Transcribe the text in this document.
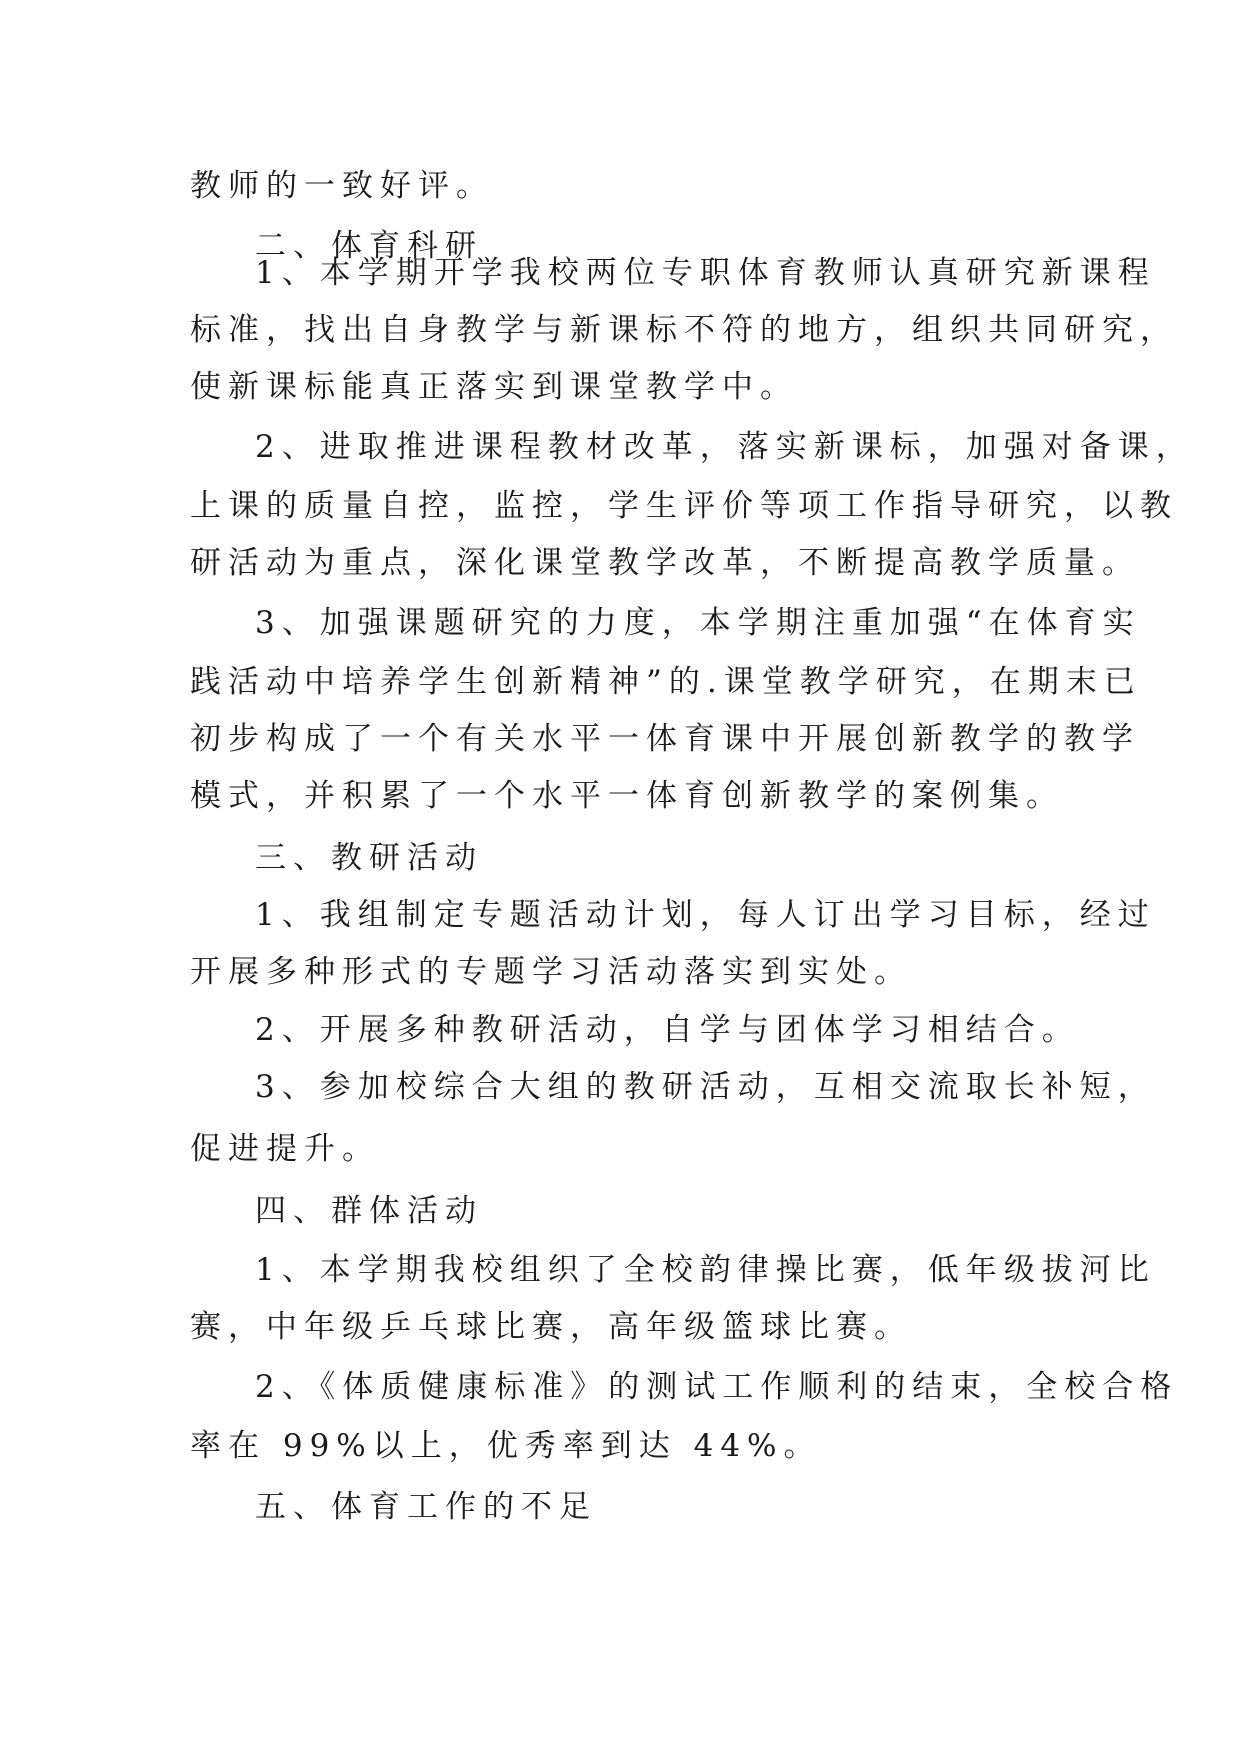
教师的一致好评。
二、体育科研
1、本学期开学我校两位专职体育教师认真研究新课程
标准，找出自身教学与新课标不符的地方，组织共同研究，
使新课标能真正落实到课堂教学中。
2、进取推进课程教材改革，落实新课标，加强对备课，
上课的质量自控，监控，学生评价等项工作指导研究，以教
研活动为重点，深化课堂教学改革，不断提高教学质量。
3、加强课题研究的力度，本学期注重加强“在体育实
践活动中培养学生创新精神”的.课堂教学研究，在期末已
初步构成了一个有关水平一体育课中开展创新教学的教学
模式，并积累了一个水平一体育创新教学的案例集。
三、教研活动
1、我组制定专题活动计划，每人订出学习目标，经过
开展多种形式的专题学习活动落实到实处。
2、开展多种教研活动，自学与团体学习相结合。
3、参加校综合大组的教研活动，互相交流取长补短，
促进提升。
四、群体活动
1、本学期我校组织了全校韵律操比赛，低年级拔河比
赛，中年级乒乓球比赛，高年级篮球比赛。
2、《体质健康标准》的测试工作顺利的结束，全校合格
率在 99%以上，优秀率到达 44%。
五、体育工作的不足
